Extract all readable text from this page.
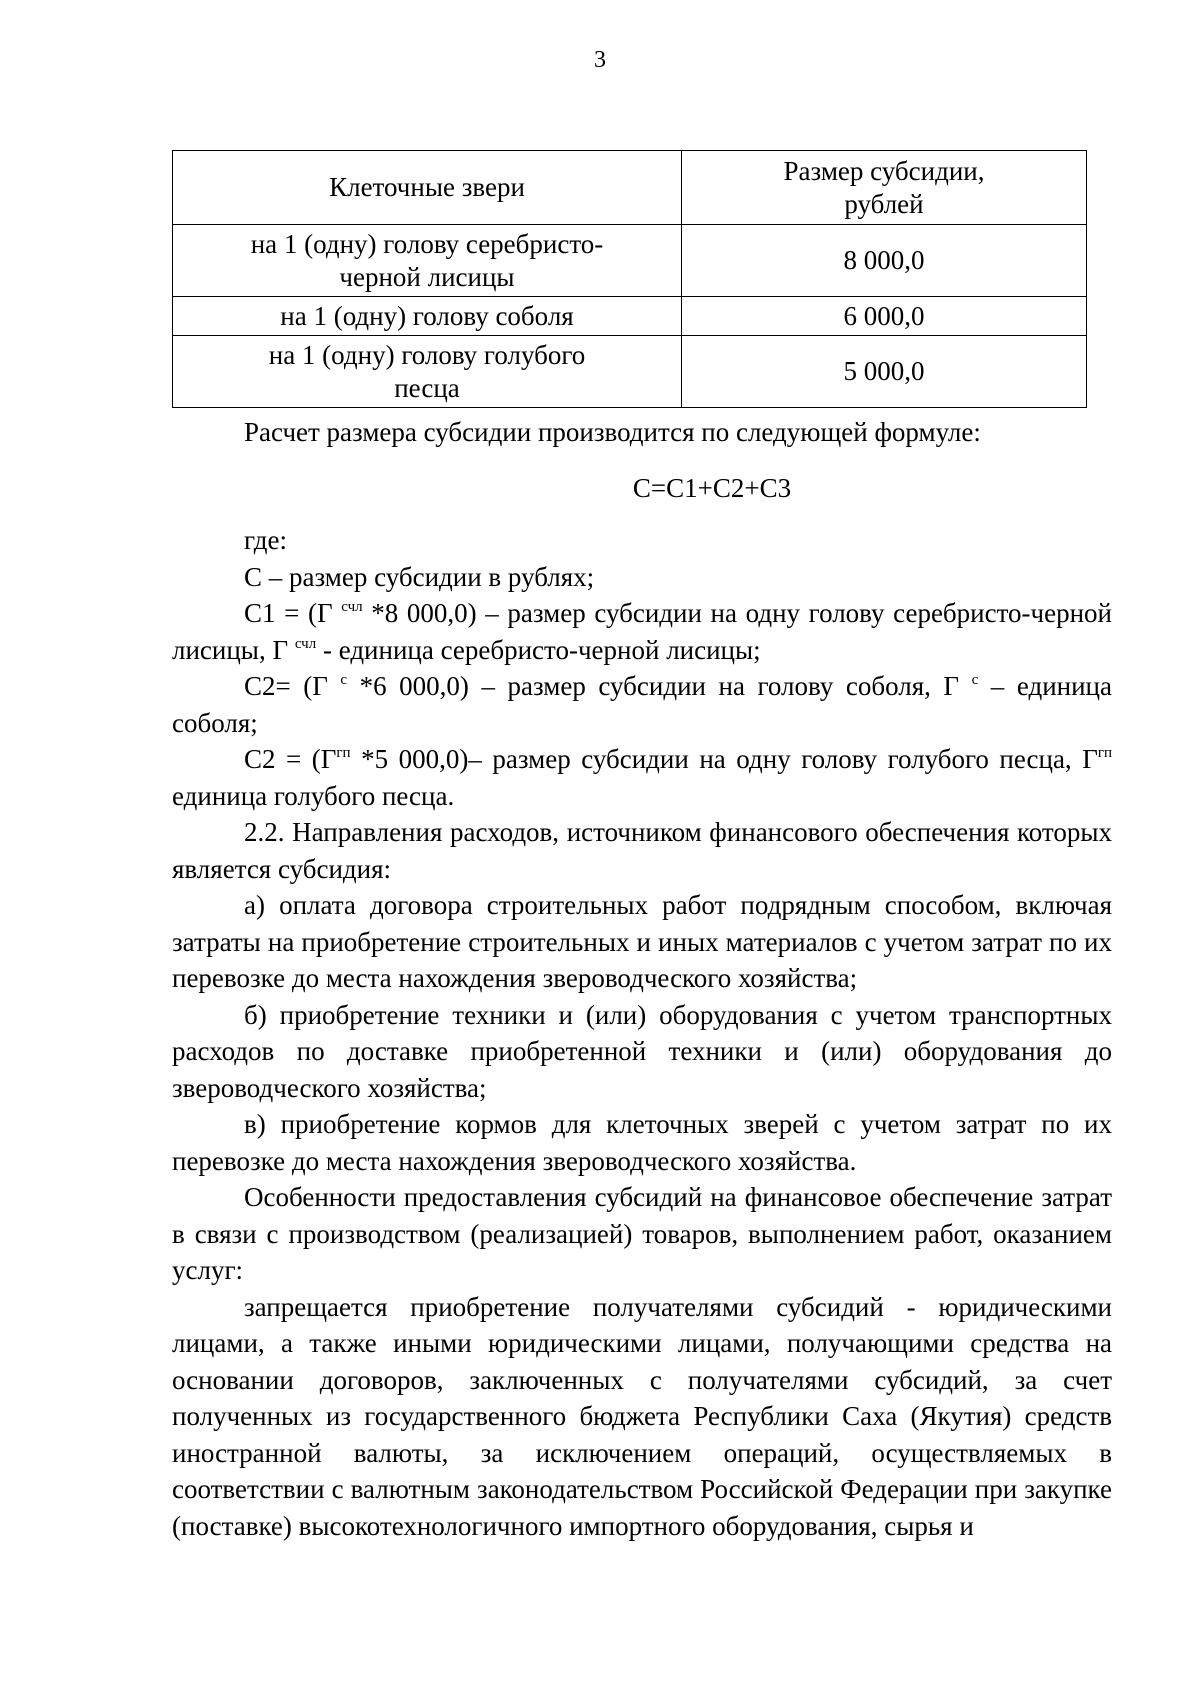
3
Клеточные звери	Размер субсидии, рублей

на 1 (одну) голову серебристо-черной лисицы	8 000,0
на 1 (одну) голову соболя	6 000,0

на 1 (одну) голову голубого песца	5 000,0

Расчет размера субсидии производится по следующей формуле:

С=С1+С2+С3

где:

С – размер субсидии в рублях;

С1 = (Г $^{счл}$ *8 000,0) – размер субсидии на одну голову серебристо-черной лисицы, Г $^{счл}$ - единица серебристо-черной лисицы;

С2= (Г $^с$ *6 000,0) – размер субсидии на голову соболя, Г $^с$ – единица соболя;

$С2 = (Г^{гп}$ *5 000,0)– размер субсидии на одну голову голубого песца, $Г^{гп}$ единица голубого песца.

2.2. Направления расходов, источником финансового обеспечения которых является субсидия:

а) оплата договора строительных работ подрядным способом, включая затраты на приобретение строительных и иных материалов с учетом затрат по их перевозке до места нахождения звероводческого хозяйства;

б) приобретение техники и (или) оборудования с учетом транспортных расходов по доставке приобретенной техники и (или) оборудования до звероводческого хозяйства;

в) приобретение кормов для клеточных зверей с учетом затрат по их перевозке до места нахождения звероводческого хозяйства.

Особенности предоставления субсидий на финансовое обеспечение затрат в связи с производством (реализацией) товаров, выполнением работ, оказанием услуг:

запрещается приобретение получателями субсидий - юридическими лицами, а также иными юридическими лицами, получающими средства на основании договоров, заключенных с получателями субсидий, за счет полученных из государственного бюджета Республики Саха (Якутия) средств иностранной валюты, за исключением операций, осуществляемых в соответствии с валютным законодательством Российской Федерации при закупке (поставке) высокотехнологичного импортного оборудования, сырья и
